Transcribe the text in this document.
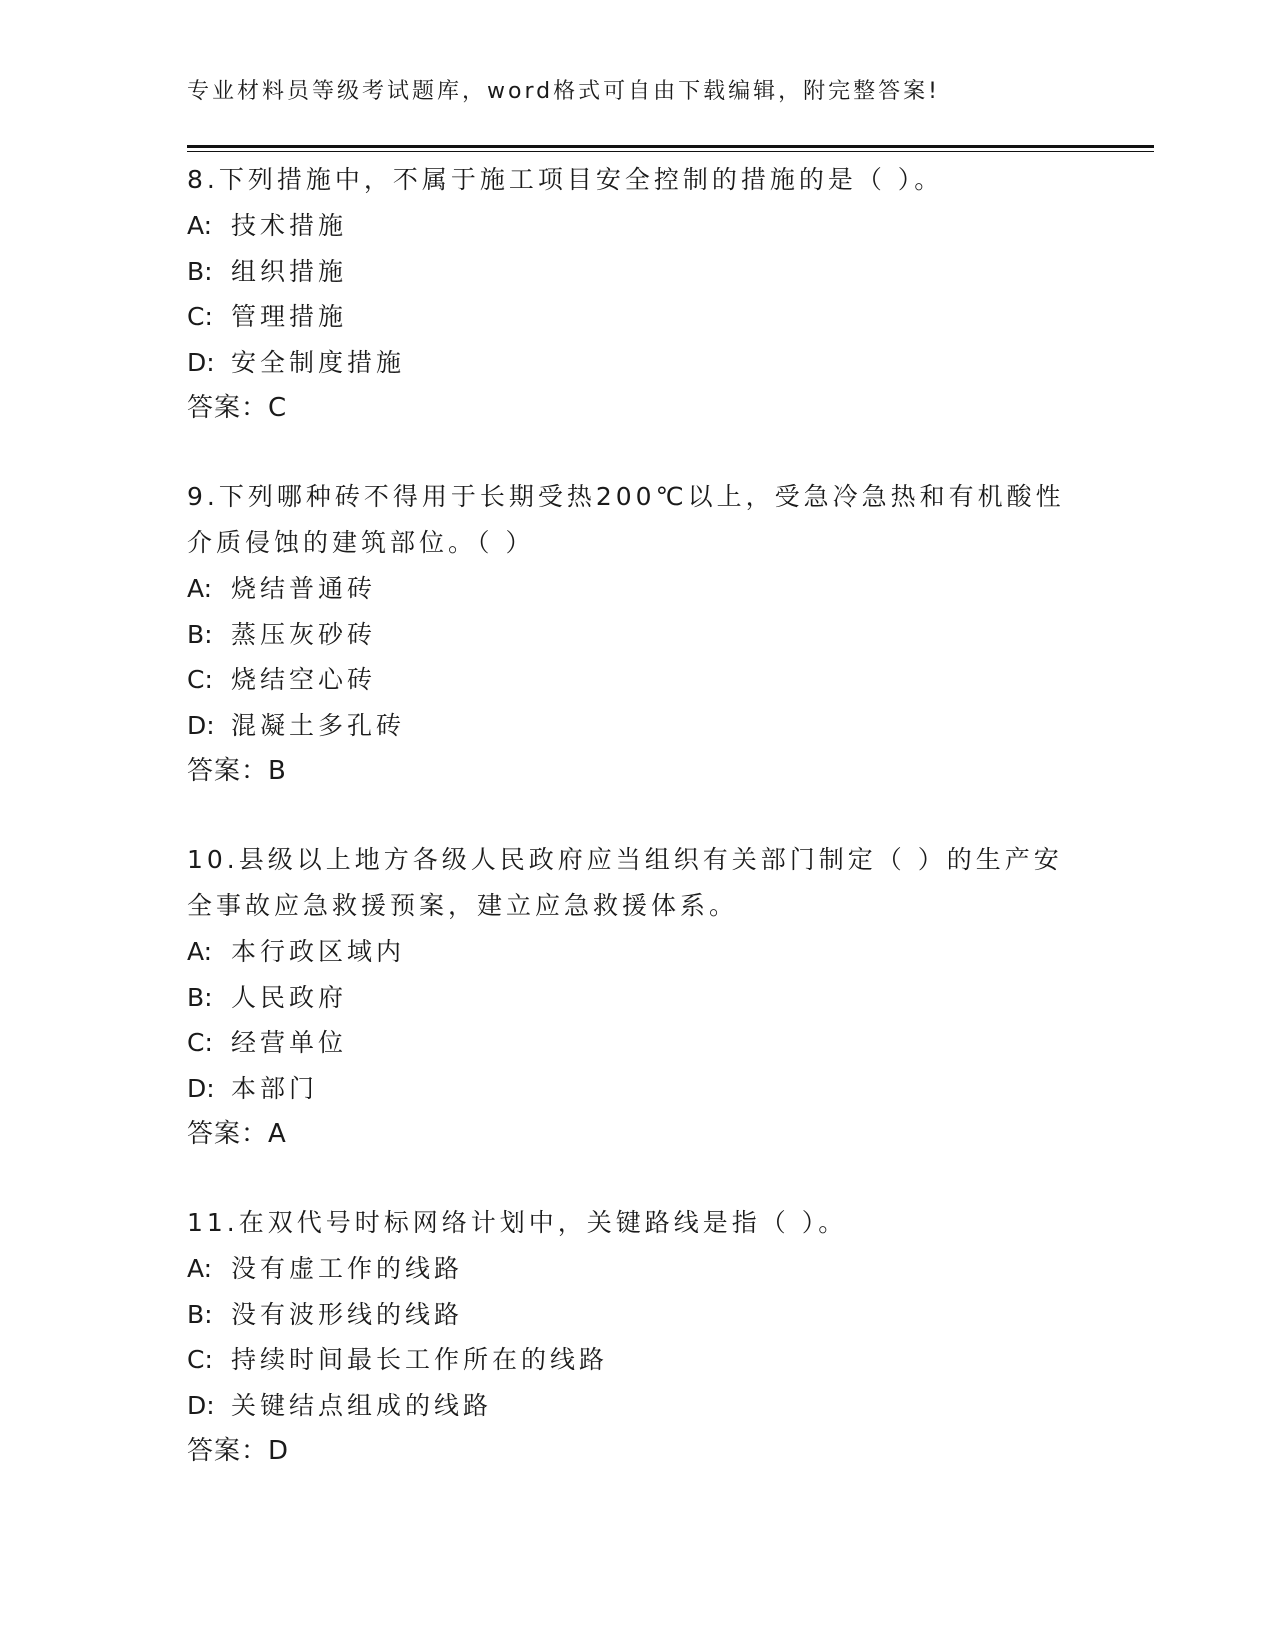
专业材料员等级考试题库，word格式可自由下载编辑，附完整答案!
8.下列措施中，不属于施工项目安全控制的措施的是（ ）。
A: 技术措施
B: 组织措施
C: 管理措施
D: 安全制度措施
答案：C
9.下列哪种砖不得用于长期受热200℃以上，受急冷急热和有机酸性介质侵蚀的建筑部位。（ ）
A: 烧结普通砖
B: 蒸压灰砂砖
C: 烧结空心砖
D: 混凝土多孔砖
答案：B
10.县级以上地方各级人民政府应当组织有关部门制定（ ）的生产安全事故应急救援预案，建立应急救援体系。
A: 本行政区域内
B: 人民政府
C: 经营单位
D: 本部门
答案：A
11.在双代号时标网络计划中，关键路线是指（ ）。
A: 没有虚工作的线路
B: 没有波形线的线路
C: 持续时间最长工作所在的线路
D: 关键结点组成的线路
答案：D
